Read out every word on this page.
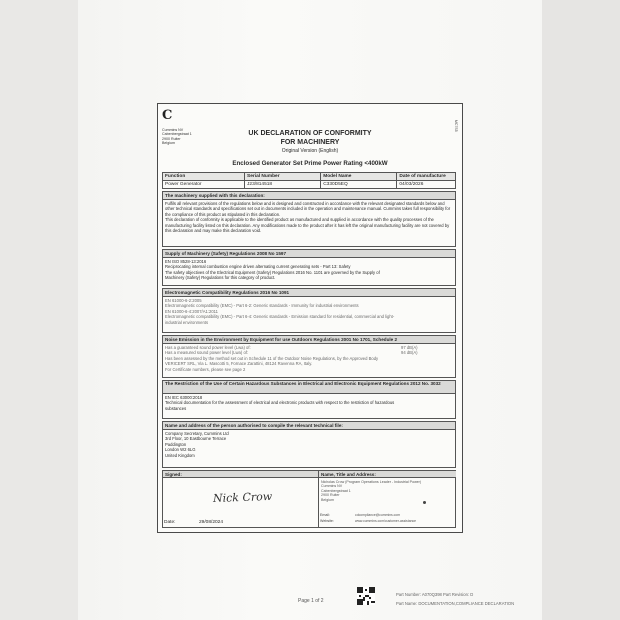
C
Cummins NV
Cabenbergstraat 1
2900 Ruiter
Belgium
MC7S5
UK DECLARATION OF CONFORMITY
FOR MACHINERY
Original Version (English)
Enclosed Generator Set Prime Power Rating <400kW
Function	Serial Number	Model Name	Date of manufacture
Power Generator	J23/814518	C330D5EQ	04/03/2026
The machinery supplied with this declaration:
Fulfils all relevant provisions of the regulations below and is designed and constructed in accordance with the relevant designated standards below and other technical standards and specifications set out in documents included in the operation and maintenance manual. Cummins takes full responsibility for the compliance of this product as stipulated in this declaration.
This declaration of conformity is applicable to the identified product as manufactured and supplied in accordance with the quality processes of the manufacturing facility listed on this declaration. Any modifications made to the product after it has left the original manufacturing facility are not covered by this declaration and may make this declaration void.
Supply of Machinery (Safety) Regulations 2008 No 1597
EN ISO 8528-13:2016
Reciprocating internal combustion engine driven alternating current generating sets - Part 13: Safety
The safety objectives of the Electrical Equipment (Safety) Regulations 2016 No. 1101 are governed by the Supply of
Machinery (Safety) Regulations for this category of product.
Electromagnetic Compatibility Regulations 2016 No 1091
EN 61000-6-2:2005
Electromagnetic compatibility (EMC) - Part 6-2: Generic standards - Immunity for industrial environments
EN 61000-6-4:2007/A1:2011
Electromagnetic compatibility (EMC) - Part 6-4: Generic standards - Emission standard for residential, commercial and light-
industrial environments
Noise Emission in the Environment by Equipment for use Outdoors Regulations 2001 No 1701, Schedule 2
Has a guaranteed sound power level (Lwa) of:	97 dB(A)
Has a measured sound power level (Lwa) of:	94 dB(A)
Has been assessed by the method set out in Schedule 11 of the Outdoor Noise Regulations, by the Approved Body
VERICERT SRL, Via L. Mascotti 5, Fornace Zarattini, 48124 Ravenna RA, Italy.
For Certificate numbers, please see page 2
The Restriction of the Use of Certain Hazardous Substances in Electrical and Electronic Equipment Regulations 2012 No. 3032
EN IEC 63000:2018
Technical documentation for the assessment of electrical and electronic products with respect to the restriction of hazardous
substances
Name and address of the person authorised to compile the relevant technical file:
Company Secretary, Cummins Ltd
3rd Floor, 10 Eastbourne Terrace
Paddington
London W2 6LG
United Kingdom
Signed:
Nick Crow
Date:	29/08/2024
Name, Title and Address:
Nicholas Crow (Program Operations Leader - Industrial Power)
Cummins NV
Cabenbergstraat 1
2900 Ruiter
Belgium
Email:	cdcompliance@cummins.com
Website:	www.cummins.com/customer-assistance
Page 1 of 2
Part Number: A070Q398 Part Revision: D
Part Name: DOCUMENTATION,COMPLIANCE DECLARATION
